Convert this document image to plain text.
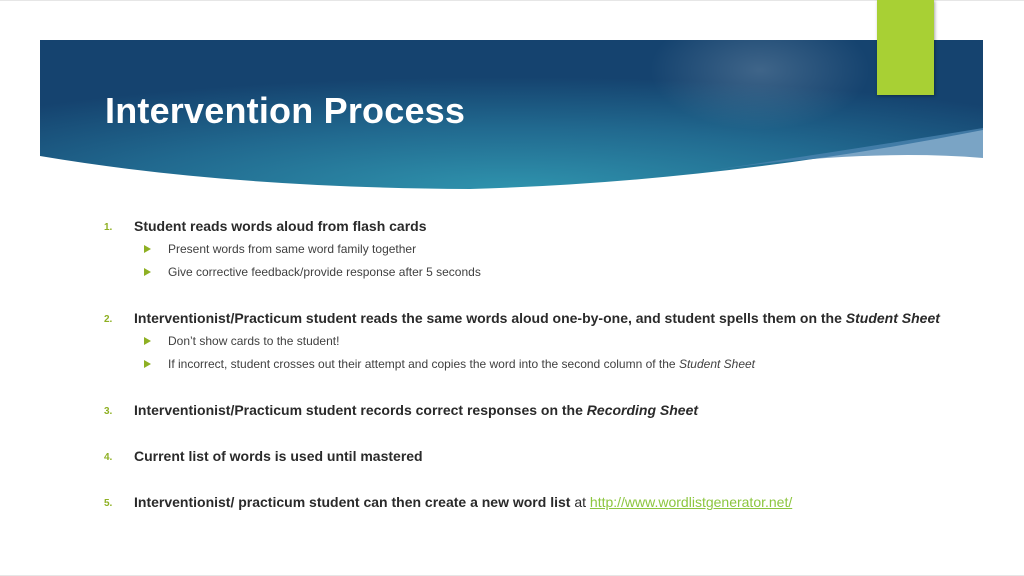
Intervention Process
1. Student reads words aloud from flash cards
Present words from same word family together
Give corrective feedback/provide response after 5 seconds
2. Interventionist/Practicum student reads the same words aloud one-by-one, and student spells them on the Student Sheet
Don’t show cards to the student!
If incorrect, student crosses out their attempt and copies the word into the second column of the Student Sheet
3. Interventionist/Practicum student records correct responses on the Recording Sheet
4. Current list of words is used until mastered
5. Interventionist/ practicum student can then create a new word list at http://www.wordlistgenerator.net/
